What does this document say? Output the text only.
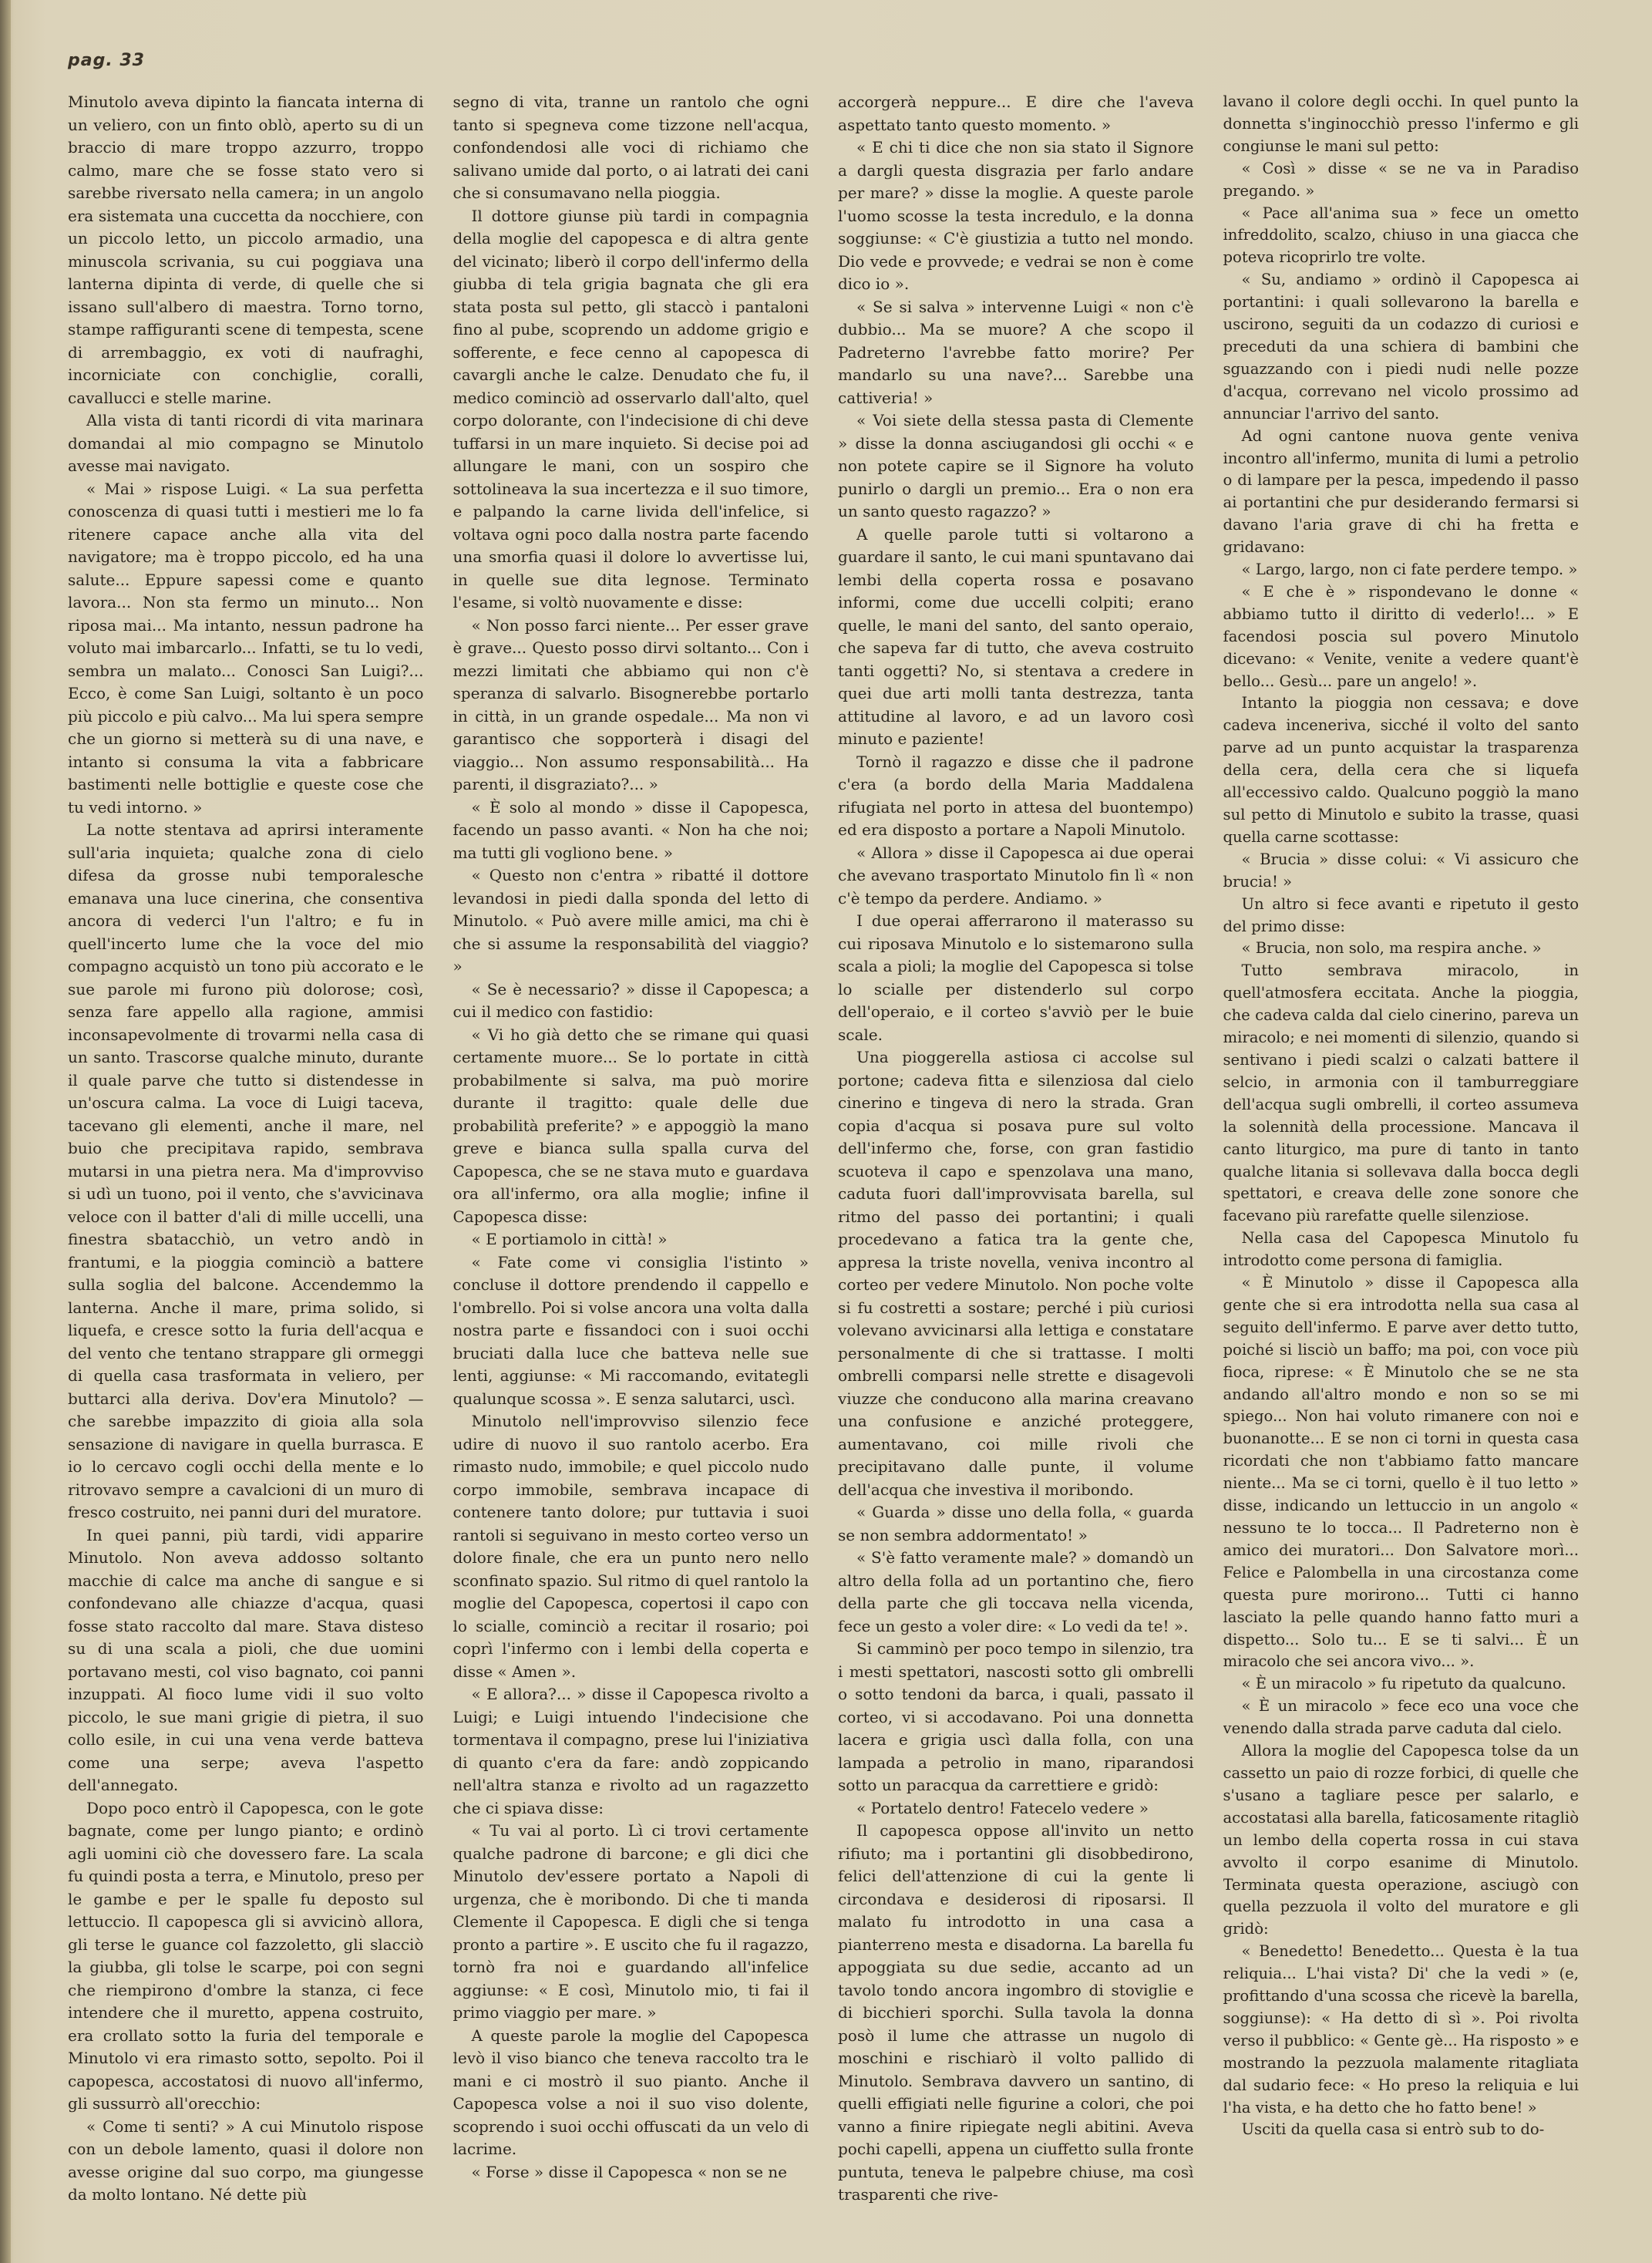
pag. 33

Minutolo aveva dipinto la fiancata interna di un veliero, con un finto oblò, aperto su di un braccio di mare troppo azzurro, troppo calmo, mare che se fosse stato vero si sarebbe riversato nella camera; in un angolo era sistemata una cuccetta da nocchiere, con un piccolo letto, un piccolo armadio, una minuscola scrivania, su cui poggiava una lanterna dipinta di verde, di quelle che si issano sull'albero di maestra. Torno torno, stampe raffiguranti scene di tempesta, scene di arrembaggio, ex voti di naufraghi, incorniciate con conchiglie, coralli, cavallucci e stelle marine.

Alla vista di tanti ricordi di vita marinara domandai al mio compagno se Minutolo avesse mai navigato.

« Mai » rispose Luigi. « La sua perfetta conoscenza di quasi tutti i mestieri me lo fa ritenere capace anche alla vita del navigatore; ma è troppo piccolo, ed ha una salute... Eppure sapessi come e quanto lavora... Non sta fermo un minuto... Non riposa mai... Ma intanto, nessun padrone ha voluto mai imbarcarlo... Infatti, se tu lo vedi, sembra un malato... Conosci San Luigi?... Ecco, è come San Luigi, soltanto è un poco più piccolo e più calvo... Ma lui spera sempre che un giorno si metterà su di una nave, e intanto si consuma la vita a fabbricare bastimenti nelle bottiglie e queste cose che tu vedi intorno. »

La notte stentava ad aprirsi interamente sull'aria inquieta; qualche zona di cielo difesa da grosse nubi temporalesche emanava una luce cinerina, che consentiva ancora di vederci l'un l'altro; e fu in quell'incerto lume che la voce del mio compagno acquistò un tono più accorato e le sue parole mi furono più dolorose; così, senza fare appello alla ragione, ammisi inconsapevolmente di trovarmi nella casa di un santo. Trascorse qualche minuto, durante il quale parve che tutto si distendesse in un'oscura calma. La voce di Luigi taceva, tacevano gli elementi, anche il mare, nel buio che precipitava rapido, sembrava mutarsi in una pietra nera. Ma d'improvviso si udì un tuono, poi il vento, che s'avvicinava veloce con il batter d'ali di mille uccelli, una finestra sbatacchiò, un vetro andò in frantumi, e la pioggia cominciò a battere sulla soglia del balcone. Accendemmo la lanterna. Anche il mare, prima solido, si liquefa, e cresce sotto la furia dell'acqua e del vento che tentano strappare gli ormeggi di quella casa trasformata in veliero, per buttarci alla deriva. Dov'era Minutolo? — che sarebbe impazzito di gioia alla sola sensazione di navigare in quella burrasca. E io lo cercavo cogli occhi della mente e lo ritrovavo sempre a cavalcioni di un muro di fresco costruito, nei panni duri del muratore.

In quei panni, più tardi, vidi apparire Minutolo. Non aveva addosso soltanto macchie di calce ma anche di sangue e si confondevano alle chiazze d'acqua, quasi fosse stato raccolto dal mare. Stava disteso su di una scala a pioli, che due uomini portavano mesti, col viso bagnato, coi panni inzuppati. Al fioco lume vidi il suo volto piccolo, le sue mani grigie di pietra, il suo collo esile, in cui una vena verde batteva come una serpe; aveva l'aspetto dell'annegato.

Dopo poco entrò il Capopesca, con le gote bagnate, come per lungo pianto; e ordinò agli uomini ciò che dovessero fare. La scala fu quindi posta a terra, e Minutolo, preso per le gambe e per le spalle fu deposto sul lettuccio. Il capopesca gli si avvicinò allora, gli terse le guance col fazzoletto, gli slacciò la giubba, gli tolse le scarpe, poi con segni che riempirono d'ombre la stanza, ci fece intendere che il muretto, appena costruito, era crollato sotto la furia del temporale e Minutolo vi era rimasto sotto, sepolto. Poi il capopesca, accostatosi di nuovo all'infermo, gli sussurrò all'orecchio:

« Come ti senti? » A cui Minutolo rispose con un debole lamento, quasi il dolore non avesse origine dal suo corpo, ma giungesse da molto lontano. Né dette più

segno di vita, tranne un rantolo che ogni tanto si spegneva come tizzone nell'acqua, confondendosi alle voci di richiamo che salivano umide dal porto, o ai latrati dei cani che si consumavano nella pioggia.

Il dottore giunse più tardi in compagnia della moglie del capopesca e di altra gente del vicinato; liberò il corpo dell'infermo della giubba di tela grigia bagnata che gli era stata posta sul petto, gli staccò i pantaloni fino al pube, scoprendo un addome grigio e sofferente, e fece cenno al capopesca di cavargli anche le calze. Denudato che fu, il medico cominciò ad osservarlo dall'alto, quel corpo dolorante, con l'indecisione di chi deve tuffarsi in un mare inquieto. Si decise poi ad allungare le mani, con un sospiro che sottolineava la sua incertezza e il suo timore, e palpando la carne livida dell'infelice, si voltava ogni poco dalla nostra parte facendo una smorfia quasi il dolore lo avvertisse lui, in quelle sue dita legnose. Terminato l'esame, si voltò nuovamente e disse:

« Non posso farci niente... Per esser grave è grave... Questo posso dirvi soltanto... Con i mezzi limitati che abbiamo qui non c'è speranza di salvarlo. Bisognerebbe portarlo in città, in un grande ospedale... Ma non vi garantisco che sopporterà i disagi del viaggio... Non assumo responsabilità... Ha parenti, il disgraziato?... »

« È solo al mondo » disse il Capopesca, facendo un passo avanti. « Non ha che noi; ma tutti gli vogliono bene. »

« Questo non c'entra » ribatté il dottore levandosi in piedi dalla sponda del letto di Minutolo. « Può avere mille amici, ma chi è che si assume la responsabilità del viaggio? »

« Se è necessario? » disse il Capopesca; a cui il medico con fastidio:

« Vi ho già detto che se rimane qui quasi certamente muore... Se lo portate in città probabilmente si salva, ma può morire durante il tragitto: quale delle due probabilità preferite? » e appoggiò la mano greve e bianca sulla spalla curva del Capopesca, che se ne stava muto e guardava ora all'infermo, ora alla moglie; infine il Capopesca disse:

« E portiamolo in città! »

« Fate come vi consiglia l'istinto » concluse il dottore prendendo il cappello e l'ombrello. Poi si volse ancora una volta dalla nostra parte e fissandoci con i suoi occhi bruciati dalla luce che batteva nelle sue lenti, aggiunse: « Mi raccomando, evitategli qualunque scossa ». E senza salutarci, uscì.

Minutolo nell'improvviso silenzio fece udire di nuovo il suo rantolo acerbo. Era rimasto nudo, immobile; e quel piccolo nudo corpo immobile, sembrava incapace di contenere tanto dolore; pur tuttavia i suoi rantoli si seguivano in mesto corteo verso un dolore finale, che era un punto nero nello sconfinato spazio. Sul ritmo di quel rantolo la moglie del Capopesca, copertosi il capo con lo scialle, cominciò a recitar il rosario; poi coprì l'infermo con i lembi della coperta e disse « Amen ».

« E allora?... » disse il Capopesca rivolto a Luigi; e Luigi intuendo l'indecisione che tormentava il compagno, prese lui l'iniziativa di quanto c'era da fare: andò zoppicando nell'altra stanza e rivolto ad un ragazzetto che ci spiava disse:

« Tu vai al porto. Lì ci trovi certamente qualche padrone di barcone; e gli dici che Minutolo dev'essere portato a Napoli di urgenza, che è moribondo. Di che ti manda Clemente il Capopesca. E digli che si tenga pronto a partire ». E uscito che fu il ragazzo, tornò fra noi e guardando all'infelice aggiunse: « E così, Minutolo mio, ti fai il primo viaggio per mare. »

A queste parole la moglie del Capopesca levò il viso bianco che teneva raccolto tra le mani e ci mostrò il suo pianto. Anche il Capopesca volse a noi il suo viso dolente, scoprendo i suoi occhi offuscati da un velo di lacrime.

« Forse » disse il Capopesca « non se ne

accorgerà neppure... E dire che l'aveva aspettato tanto questo momento. »

« E chi ti dice che non sia stato il Signore a dargli questa disgrazia per farlo andare per mare? » disse la moglie. A queste parole l'uomo scosse la testa incredulo, e la donna soggiunse: « C'è giustizia a tutto nel mondo. Dio vede e provvede; e vedrai se non è come dico io ».

« Se si salva » intervenne Luigi « non c'è dubbio... Ma se muore? A che scopo il Padreterno l'avrebbe fatto morire? Per mandarlo su una nave?... Sarebbe una cattiveria! »

« Voi siete della stessa pasta di Clemente » disse la donna asciugandosi gli occhi « e non potete capire se il Signore ha voluto punirlo o dargli un premio... Era o non era un santo questo ragazzo? »

A quelle parole tutti si voltarono a guardare il santo, le cui mani spuntavano dai lembi della coperta rossa e posavano informi, come due uccelli colpiti; erano quelle, le mani del santo, del santo operaio, che sapeva far di tutto, che aveva costruito tanti oggetti? No, si stentava a credere in quei due arti molli tanta destrezza, tanta attitudine al lavoro, e ad un lavoro così minuto e paziente!

Tornò il ragazzo e disse che il padrone c'era (a bordo della Maria Maddalena rifugiata nel porto in attesa del buontempo) ed era disposto a portare a Napoli Minutolo.

« Allora » disse il Capopesca ai due operai che avevano trasportato Minutolo fin lì « non c'è tempo da perdere. Andiamo. »

I due operai afferrarono il materasso su cui riposava Minutolo e lo sistemarono sulla scala a pioli; la moglie del Capopesca si tolse lo scialle per distenderlo sul corpo dell'operaio, e il corteo s'avviò per le buie scale.

Una pioggerella astiosa ci accolse sul portone; cadeva fitta e silenziosa dal cielo cinerino e tingeva di nero la strada. Gran copia d'acqua si posava pure sul volto dell'infermo che, forse, con gran fastidio scuoteva il capo e spenzolava una mano, caduta fuori dall'improvvisata barella, sul ritmo del passo dei portantini; i quali procedevano a fatica tra la gente che, appresa la triste novella, veniva incontro al corteo per vedere Minutolo. Non poche volte si fu costretti a sostare; perché i più curiosi volevano avvicinarsi alla lettiga e constatare personalmente di che si trattasse. I molti ombrelli comparsi nelle strette e disagevoli viuzze che conducono alla marina creavano una confusione e anziché proteggere, aumentavano, coi mille rivoli che precipitavano dalle punte, il volume dell'acqua che investiva il moribondo.

« Guarda » disse uno della folla, « guarda se non sembra addormentato! »

« S'è fatto veramente male? » domandò un altro della folla ad un portantino che, fiero della parte che gli toccava nella vicenda, fece un gesto a voler dire: « Lo vedi da te! ».

Si camminò per poco tempo in silenzio, tra i mesti spettatori, nascosti sotto gli ombrelli o sotto tendoni da barca, i quali, passato il corteo, vi si accodavano. Poi una donnetta lacera e grigia uscì dalla folla, con una lampada a petrolio in mano, riparandosi sotto un paracqua da carrettiere e gridò:

« Portatelo dentro! Fatecelo vedere »

Il capopesca oppose all'invito un netto rifiuto; ma i portantini gli disobbedirono, felici dell'attenzione di cui la gente li circondava e desiderosi di riposarsi. Il malato fu introdotto in una casa a pianterreno mesta e disadorna. La barella fu appoggiata su due sedie, accanto ad un tavolo tondo ancora ingombro di stoviglie e di bicchieri sporchi. Sulla tavola la donna posò il lume che attrasse un nugolo di moschini e rischiarò il volto pallido di Minutolo. Sembrava davvero un santino, di quelli effigiati nelle figurine a colori, che poi vanno a finire ripiegate negli abitini. Aveva pochi capelli, appena un ciuffetto sulla fronte puntuta, teneva le palpebre chiuse, ma così trasparenti che rive-

lavano il colore degli occhi. In quel punto la donnetta s'inginocchiò presso l'infermo e gli congiunse le mani sul petto:

« Così » disse « se ne va in Paradiso pregando. »

« Pace all'anima sua » fece un ometto infreddolito, scalzo, chiuso in una giacca che poteva ricoprirlo tre volte.

« Su, andiamo » ordinò il Capopesca ai portantini: i quali sollevarono la barella e uscirono, seguiti da un codazzo di curiosi e preceduti da una schiera di bambini che sguazzando con i piedi nudi nelle pozze d'acqua, correvano nel vicolo prossimo ad annunciar l'arrivo del santo.

Ad ogni cantone nuova gente veniva incontro all'infermo, munita di lumi a petrolio o di lampare per la pesca, impedendo il passo ai portantini che pur desiderando fermarsi si davano l'aria grave di chi ha fretta e gridavano:

« Largo, largo, non ci fate perdere tempo. »

« E che è » rispondevano le donne « abbiamo tutto il diritto di vederlo!... » E facendosi poscia sul povero Minutolo dicevano: « Venite, venite a vedere quant'è bello... Gesù... pare un angelo! ».

Intanto la pioggia non cessava; e dove cadeva inceneriva, sicché il volto del santo parve ad un punto acquistar la trasparenza della cera, della cera che si liquefa all'eccessivo caldo. Qualcuno poggiò la mano sul petto di Minutolo e subito la trasse, quasi quella carne scottasse:

« Brucia » disse colui: « Vi assicuro che brucia! »

Un altro si fece avanti e ripetuto il gesto del primo disse:

« Brucia, non solo, ma respira anche. »

Tutto sembrava miracolo, in quell'atmosfera eccitata. Anche la pioggia, che cadeva calda dal cielo cinerino, pareva un miracolo; e nei momenti di silenzio, quando si sentivano i piedi scalzi o calzati battere il selcio, in armonia con il tamburreggiare dell'acqua sugli ombrelli, il corteo assumeva la solennità della processione. Mancava il canto liturgico, ma pure di tanto in tanto qualche litania si sollevava dalla bocca degli spettatori, e creava delle zone sonore che facevano più rarefatte quelle silenziose.

Nella casa del Capopesca Minutolo fu introdotto come persona di famiglia.

« È Minutolo » disse il Capopesca alla gente che si era introdotta nella sua casa al seguito dell'infermo. E parve aver detto tutto, poiché si lisciò un baffo; ma poi, con voce più fioca, riprese: « È Minutolo che se ne sta andando all'altro mondo e non so se mi spiego... Non hai voluto rimanere con noi e buonanotte... E se non ci torni in questa casa ricordati che non t'abbiamo fatto mancare niente... Ma se ci torni, quello è il tuo letto » disse, indicando un lettuccio in un angolo « nessuno te lo tocca... Il Padreterno non è amico dei muratori... Don Salvatore morì... Felice e Palombella in una circostanza come questa pure morirono... Tutti ci hanno lasciato la pelle quando hanno fatto muri a dispetto... Solo tu... E se ti salvi... È un miracolo che sei ancora vivo... ».

« È un miracolo » fu ripetuto da qualcuno.

« È un miracolo » fece eco una voce che venendo dalla strada parve caduta dal cielo.

Allora la moglie del Capopesca tolse da un cassetto un paio di rozze forbici, di quelle che s'usano a tagliare pesce per salarlo, e accostatasi alla barella, faticosamente ritagliò un lembo della coperta rossa in cui stava avvolto il corpo esanime di Minutolo. Terminata questa operazione, asciugò con quella pezzuola il volto del muratore e gli gridò:

« Benedetto! Benedetto... Questa è la tua reliquia... L'hai vista? Di' che la vedi » (e, profittando d'una scossa che ricevè la barella, soggiunse): « Ha detto di sì ». Poi rivolta verso il pubblico: « Gente gè... Ha risposto » e mostrando la pezzuola malamente ritagliata dal sudario fece: « Ho preso la reliquia e lui l'ha vista, e ha detto che ho fatto bene! »

Usciti da quella casa si entrò sub to do-
